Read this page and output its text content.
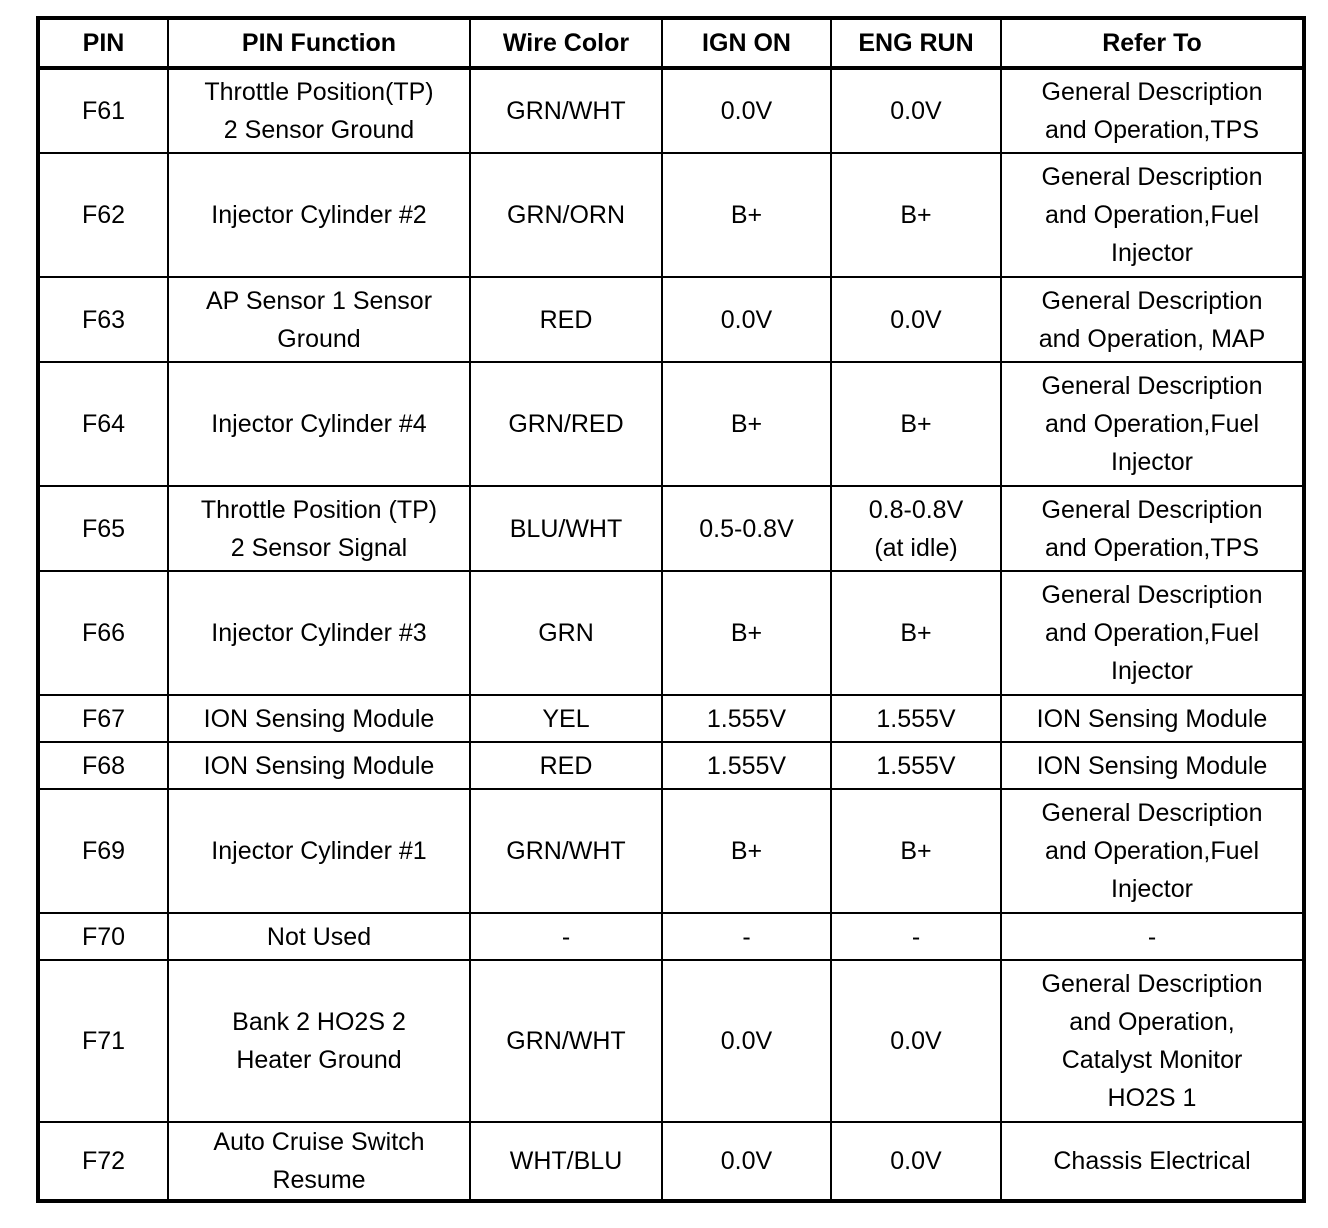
PIN	PIN Function	Wire Color	IGN ON	ENG RUN	Refer To
F61	Throttle Position(TP)
2 Sensor Ground	GRN/WHT	0.0V	0.0V	General Description
and Operation,TPS
F62	Injector Cylinder #2	GRN/ORN	B+	B+	General Description
and Operation,Fuel
Injector
F63	AP Sensor 1 Sensor
Ground	RED	0.0V	0.0V	General Description
and Operation, MAP
F64	Injector Cylinder #4	GRN/RED	B+	B+	General Description
and Operation,Fuel
Injector
F65	Throttle Position (TP)
2 Sensor Signal	BLU/WHT	0.5-0.8V	0.8-0.8V
(at idle)	General Description
and Operation,TPS
F66	Injector Cylinder #3	GRN	B+	B+	General Description
and Operation,Fuel
Injector
F67	ION Sensing Module	YEL	1.555V	1.555V	ION Sensing Module
F68	ION Sensing Module	RED	1.555V	1.555V	ION Sensing Module
F69	Injector Cylinder #1	GRN/WHT	B+	B+	General Description
and Operation,Fuel
Injector
F70	Not Used	-	-	-	-
F71	Bank 2 HO2S 2
Heater Ground	GRN/WHT	0.0V	0.0V	General Description
and Operation,
Catalyst Monitor
HO2S 1
F72	Auto Cruise Switch
Resume	WHT/BLU	0.0V	0.0V	Chassis Electrical
